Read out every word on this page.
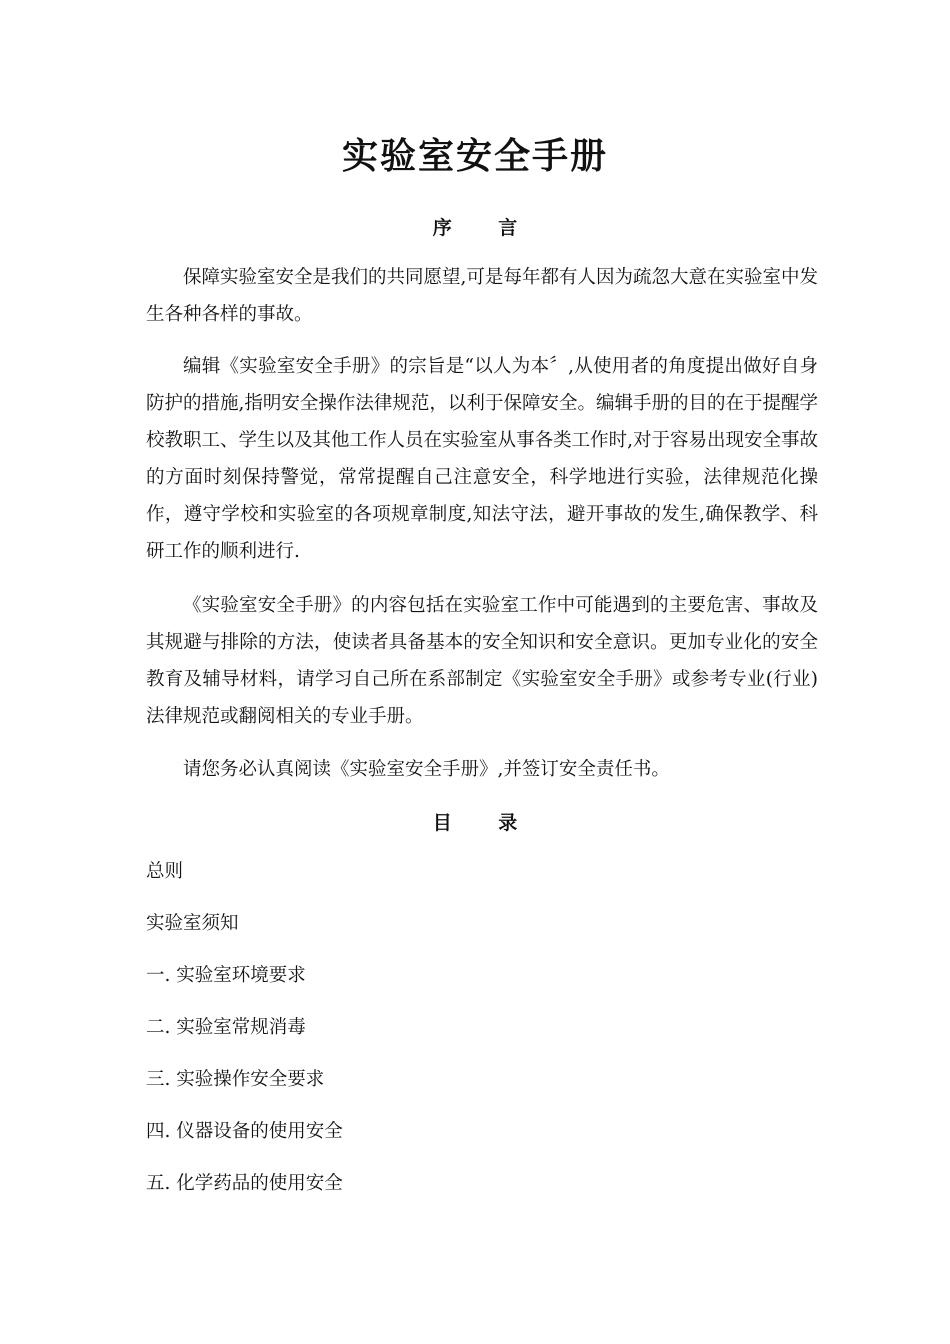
实验室安全手册
序 言

保障实验室安全是我们的共同愿望,可是每年都有人因为疏忽大意在实验室中发生各种各样的事故。

编辑《实验室安全手册》的宗旨是“以人为本〞,从使用者的角度提出做好自身防护的措施,指明安全操作法律规范，以利于保障安全。编辑手册的目的在于提醒学校教职工、学生以及其他工作人员在实验室从事各类工作时,对于容易出现安全事故的方面时刻保持警觉，常常提醒自己注意安全，科学地进行实验，法律规范化操作，遵守学校和实验室的各项规章制度,知法守法，避开事故的发生,确保教学、科研工作的顺利进行.

《实验室安全手册》的内容包括在实验室工作中可能遇到的主要危害、事故及其规避与排除的方法，使读者具备基本的安全知识和安全意识。更加专业化的安全教育及辅导材料，请学习自己所在系部制定《实验室安全手册》或参考专业(行业)法律规范或翻阅相关的专业手册。

请您务必认真阅读《实验室安全手册》,并签订安全责任书。

目 录
总则
实验室须知
一. 实验室环境要求
二. 实验室常规消毒
三. 实验操作安全要求
四. 仪器设备的使用安全
五. 化学药品的使用安全
